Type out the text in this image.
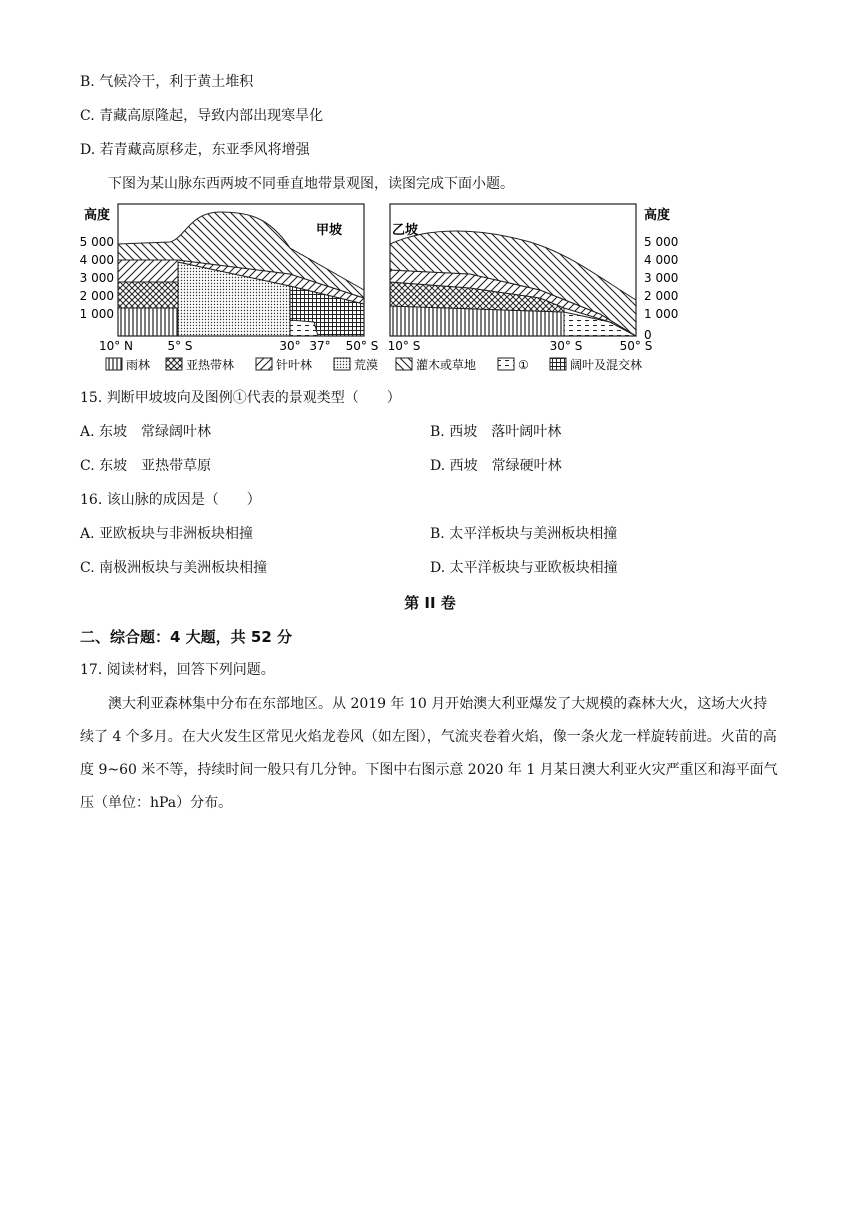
B. 气候冷干，利于黄土堆积
C. 青藏高原隆起，导致内部出现寒旱化
D. 若青藏高原移走，东亚季风将增强
下图为某山脉东西两坡不同垂直地带景观图，读图完成下面小题。
高度
5 000
4 000
3 000
2 000
1 000
甲坡
10° N	5° S	30° 37° 50° S
乙坡
高度
5 000
4 000
3 000
2 000
1 000
0
10° S	30° S	50° S
雨林	亚热带林	针叶林	荒漠	灌木或草地	①	阔叶及混交林
15. 判断甲坡坡向及图例①代表的景观类型（　　）
A. 东坡　常绿阔叶林	B. 西坡　落叶阔叶林
C. 东坡　亚热带草原	D. 西坡　常绿硬叶林
16. 该山脉的成因是（　　）
A. 亚欧板块与非洲板块相撞	B. 太平洋板块与美洲板块相撞
C. 南极洲板块与美洲板块相撞	D. 太平洋板块与亚欧板块相撞
第 II 卷
二、综合题：4 大题，共 52 分
17. 阅读材料，回答下列问题。
澳大利亚森林集中分布在东部地区。从 2019 年 10 月开始澳大利亚爆发了大规模的森林大火，这场大火持续了 4 个多月。在大火发生区常见火焰龙卷风（如左图），气流夹卷着火焰，像一条火龙一样旋转前进。火苗的高度 9~60 米不等，持续时间一般只有几分钟。下图中右图示意 2020 年 1 月某日澳大利亚火灾严重区和海平面气压（单位：hPa）分布。
